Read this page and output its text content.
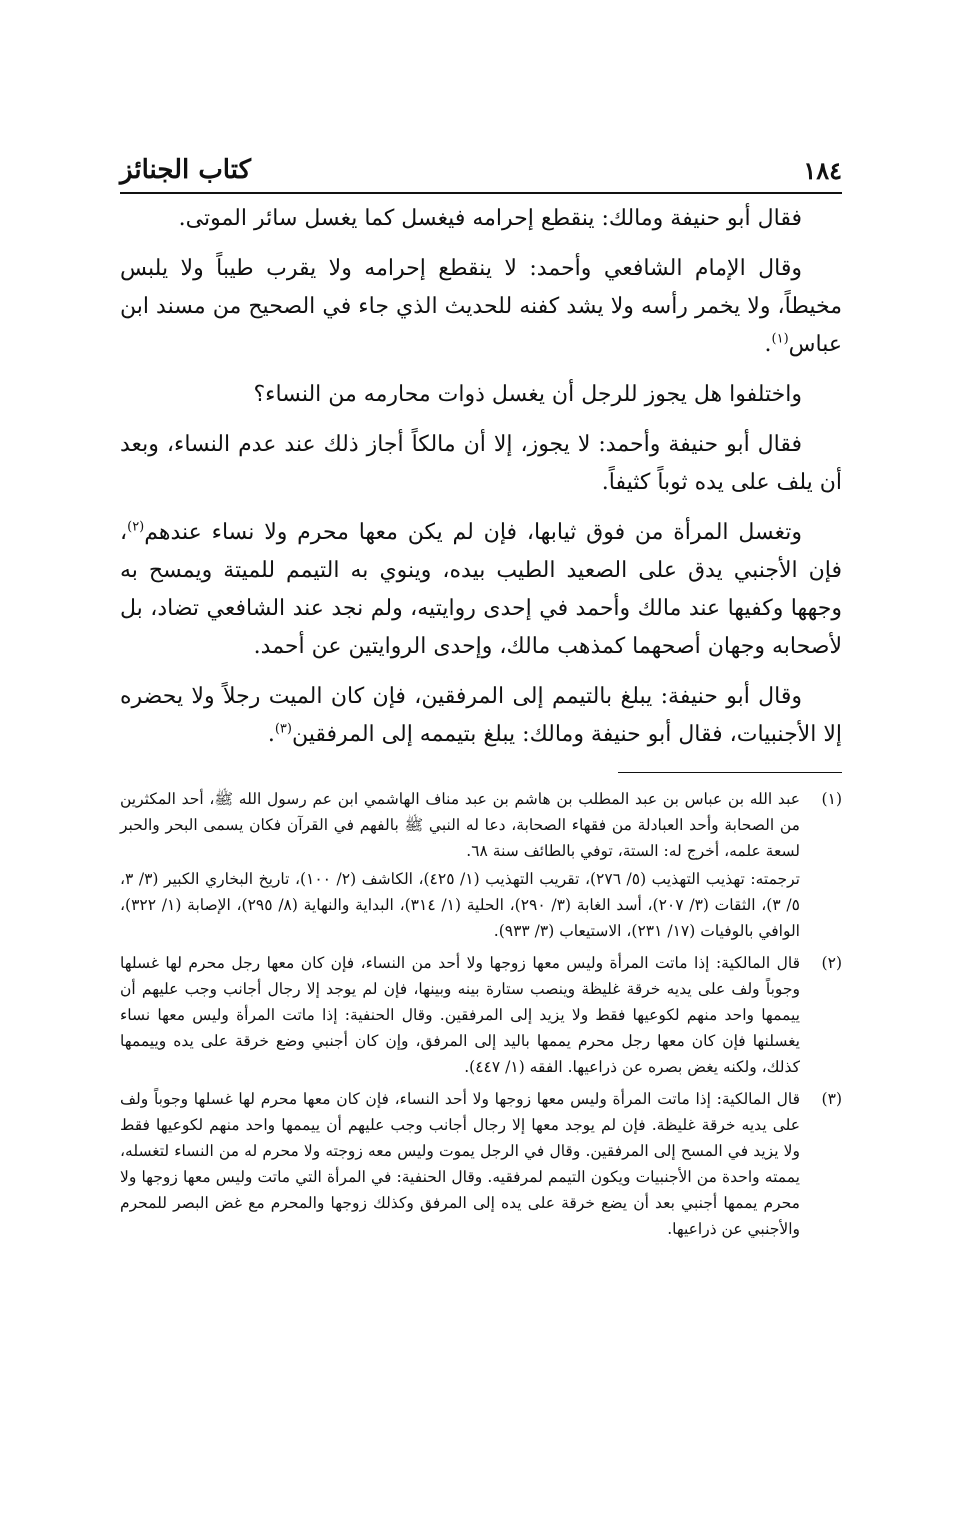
١٨٤
كتاب الجنائز

فقال أبو حنيفة ومالك: ينقطع إحرامه فيغسل كما يغسل سائر الموتى.

وقال الإمام الشافعي وأحمد: لا ينقطع إحرامه ولا يقرب طيباً ولا يلبس مخيطاً، ولا يخمر رأسه ولا يشد كفنه للحديث الذي جاء في الصحيح من مسند ابن عباس$^{(١)}$.

واختلفوا هل يجوز للرجل أن يغسل ذوات محارمه من النساء؟

فقال أبو حنيفة وأحمد: لا يجوز، إلا أن مالكاً أجاز ذلك عند عدم النساء، وبعد أن يلف على يده ثوباً كثيفاً.

وتغسل المرأة من فوق ثيابها، فإن لم يكن معها محرم ولا نساء عندهم$^{(٢)}$، فإن الأجنبي يدق على الصعيد الطيب بيده، وينوي به التيمم للميتة ويمسح به وجهها وكفيها عند مالك وأحمد في إحدى روايتيه، ولم نجد عند الشافعي تضاد، بل لأصحابه وجهان أصحهما كمذهب مالك، وإحدى الروايتين عن أحمد.

وقال أبو حنيفة: يبلغ بالتيمم إلى المرفقين، فإن كان الميت رجلاً ولا يحضره إلا الأجنبيات، فقال أبو حنيفة ومالك: يبلغ بتيممه إلى المرفقين$^{(٣)}$.

(١)

عبد الله بن عباس بن عبد المطلب بن هاشم بن عبد مناف الهاشمي ابن عم رسول الله ﷺ، أحد المكثرين من الصحابة وأحد العبادلة من فقهاء الصحابة، دعا له النبي ﷺ بالفهم في القرآن فكان يسمى البحر والحبر لسعة علمه، أخرج له: الستة، توفي بالطائف سنة ٦٨.

ترجمته: تهذيب التهذيب (٥/ ٢٧٦)، تقريب التهذيب (١/ ٤٢٥)، الكاشف (٢/ ١٠٠)، تاريخ البخاري الكبير (٣/ ٣، ٥/ ٣)، الثقات (٣/ ٢٠٧)، أسد الغابة (٣/ ٢٩٠)، الحلية (١/ ٣١٤)، البداية والنهاية (٨/ ٢٩٥)، الإصابة (١/ ٣٢٢)، الوافي بالوفيات (١٧/ ٢٣١)، الاستيعاب (٣/ ٩٣٣).

(٢)

قال المالكية: إذا ماتت المرأة وليس معها زوجها ولا أحد من النساء، فإن كان معها رجل محرم لها غسلها وجوباً ولف على يديه خرقة غليظة وينصب ستارة بينه وبينها، فإن لم يوجد إلا رجال أجانب وجب عليهم أن ييممها واحد منهم لكوعيها فقط ولا يزيد إلى المرفقين. وقال الحنفية: إذا ماتت المرأة وليس معها نساء يغسلنها فإن كان معها رجل محرم يممها باليد إلى المرفق، وإن كان أجنبي وضع خرقة على يده وييممها كذلك، ولكنه يغض بصره عن ذراعيها. الفقه (١/ ٤٤٧).

(٣)

قال المالكية: إذا ماتت المرأة وليس معها زوجها ولا أحد النساء، فإن كان معها محرم لها غسلها وجوباً ولف على يديه خرقة غليظة. فإن لم يوجد معها إلا رجال أجانب وجب عليهم أن ييممها واحد منهم لكوعيها فقط ولا يزيد في المسح إلى المرفقين. وقال في الرجل يموت وليس معه زوجته ولا محرم له من النساء لتغسله، يممته واحدة من الأجنبيات ويكون التيمم لمرفقيه. وقال الحنفية: في المرأة التي ماتت وليس معها زوجها ولا محرم يممها أجنبي بعد أن يضع خرقة على يده إلى المرفق وكذلك زوجها والمحرم مع غض البصر للمحرم والأجنبي عن ذراعيها.
